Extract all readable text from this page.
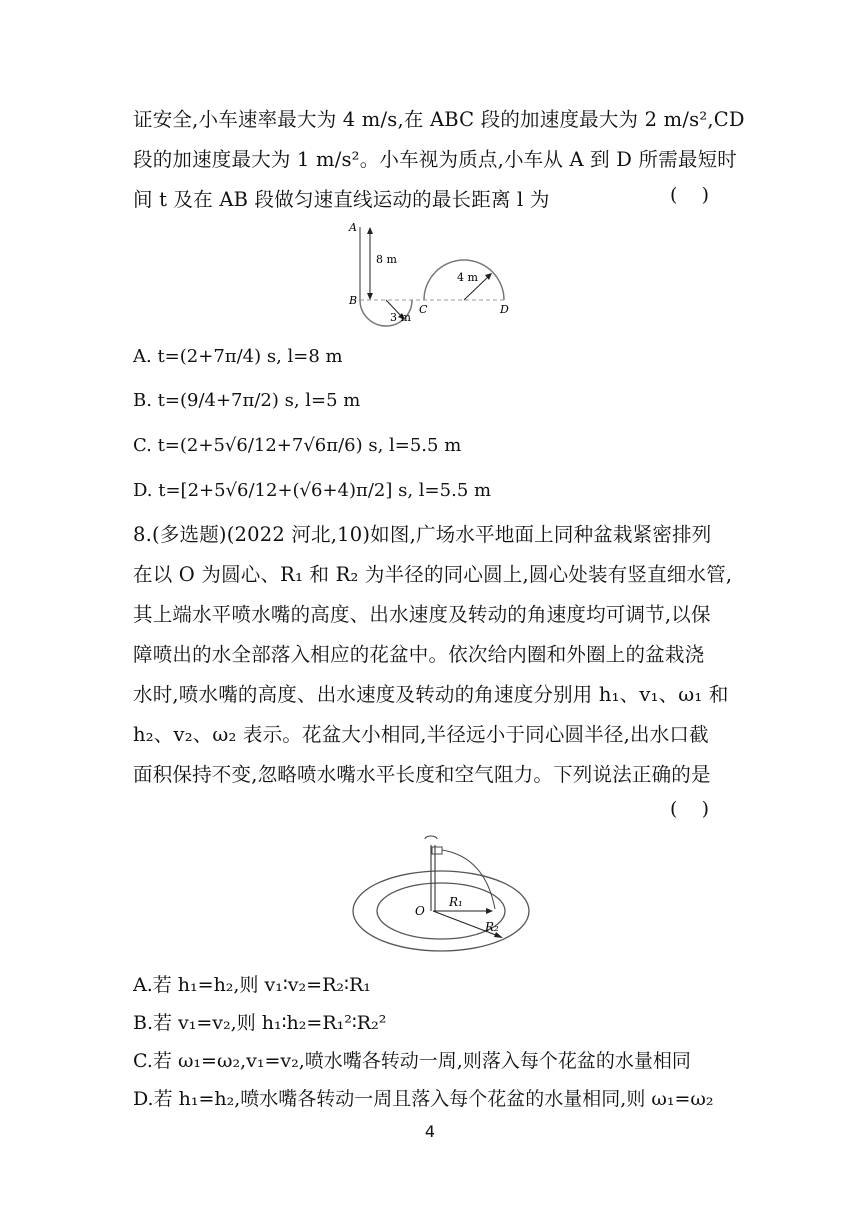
证安全,小车速率最大为 4 m/s,在 ABC 段的加速度最大为 2 m/s²,CD
段的加速度最大为 1 m/s²。小车视为质点,小车从 A 到 D 所需最短时
间 t 及在 AB 段做匀速直线运动的最长距离 l 为	(    )
A
B
C	D
8 m
3 m
4 m
A. t=(2+7π/4) s, l=8 m
B. t=(9/4+7π/2) s, l=5 m
C. t=(2+5√6/12+7√6π/6) s, l=5.5 m
D. t=[2+5√6/12+(√6+4)π/2] s, l=5.5 m
8.(多选题)(2022 河北,10)如图,广场水平地面上同种盆栽紧密排列
在以 O 为圆心、R₁ 和 R₂ 为半径的同心圆上,圆心处装有竖直细水管,
其上端水平喷水嘴的高度、出水速度及转动的角速度均可调节,以保
障喷出的水全部落入相应的花盆中。依次给内圈和外圈上的盆栽浇
水时,喷水嘴的高度、出水速度及转动的角速度分别用 h₁、v₁、ω₁ 和
h₂、v₂、ω₂ 表示。花盆大小相同,半径远小于同心圆半径,出水口截
面积保持不变,忽略喷水嘴水平长度和空气阻力。下列说法正确的是
(    )
O
R₁
R₂
A.若 h₁=h₂,则 v₁∶v₂=R₂∶R₁
B.若 v₁=v₂,则 h₁∶h₂=R₁²∶R₂²
C.若 ω₁=ω₂,v₁=v₂,喷水嘴各转动一周,则落入每个花盆的水量相同
D.若 h₁=h₂,喷水嘴各转动一周且落入每个花盆的水量相同,则 ω₁=ω₂
4
